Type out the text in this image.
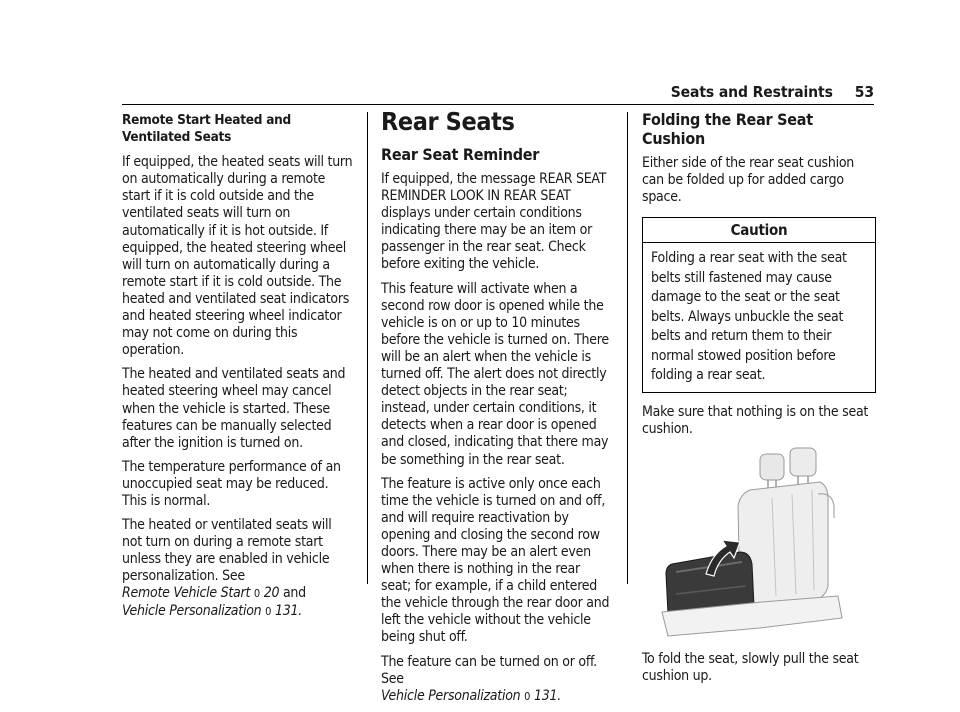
Seats and Restraints 53
Remote Start Heated and Ventilated Seats

If equipped, the heated seats will turn on automatically during a remote start if it is cold outside and the ventilated seats will turn on automatically if it is hot outside. If equipped, the heated steering wheel will turn on automatically during a remote start if it is cold outside. The heated and ventilated seat indicators and heated steering wheel indicator may not come on during this operation.

The heated and ventilated seats and heated steering wheel may cancel when the vehicle is started. These features can be manually selected after the ignition is turned on.

The temperature performance of an unoccupied seat may be reduced. This is normal.

The heated or ventilated seats will not turn on during a remote start unless they are enabled in vehicle personalization. See
Remote Vehicle Start 0 20 and
Vehicle Personalization 0 131.

Rear Seats
Rear Seat Reminder

If equipped, the message REAR SEAT REMINDER LOOK IN REAR SEAT displays under certain conditions indicating there may be an item or passenger in the rear seat. Check before exiting the vehicle.

This feature will activate when a second row door is opened while the vehicle is on or up to 10 minutes before the vehicle is turned on. There will be an alert when the vehicle is turned off. The alert does not directly detect objects in the rear seat; instead, under certain conditions, it detects when a rear door is opened and closed, indicating that there may be something in the rear seat.

The feature is active only once each time the vehicle is turned on and off, and will require reactivation by opening and closing the second row doors. There may be an alert even when there is nothing in the rear seat; for example, if a child entered the vehicle through the rear door and left the vehicle without the vehicle being shut off.

The feature can be turned on or off. See
Vehicle Personalization 0 131.

Folding the Rear Seat Cushion

Either side of the rear seat cushion can be folded up for added cargo space.

Caution
Folding a rear seat with the seat belts still fastened may cause damage to the seat or the seat belts. Always unbuckle the seat belts and return them to their normal stowed position before folding a rear seat.

Make sure that nothing is on the seat cushion.

To fold the seat, slowly pull the seat cushion up.
